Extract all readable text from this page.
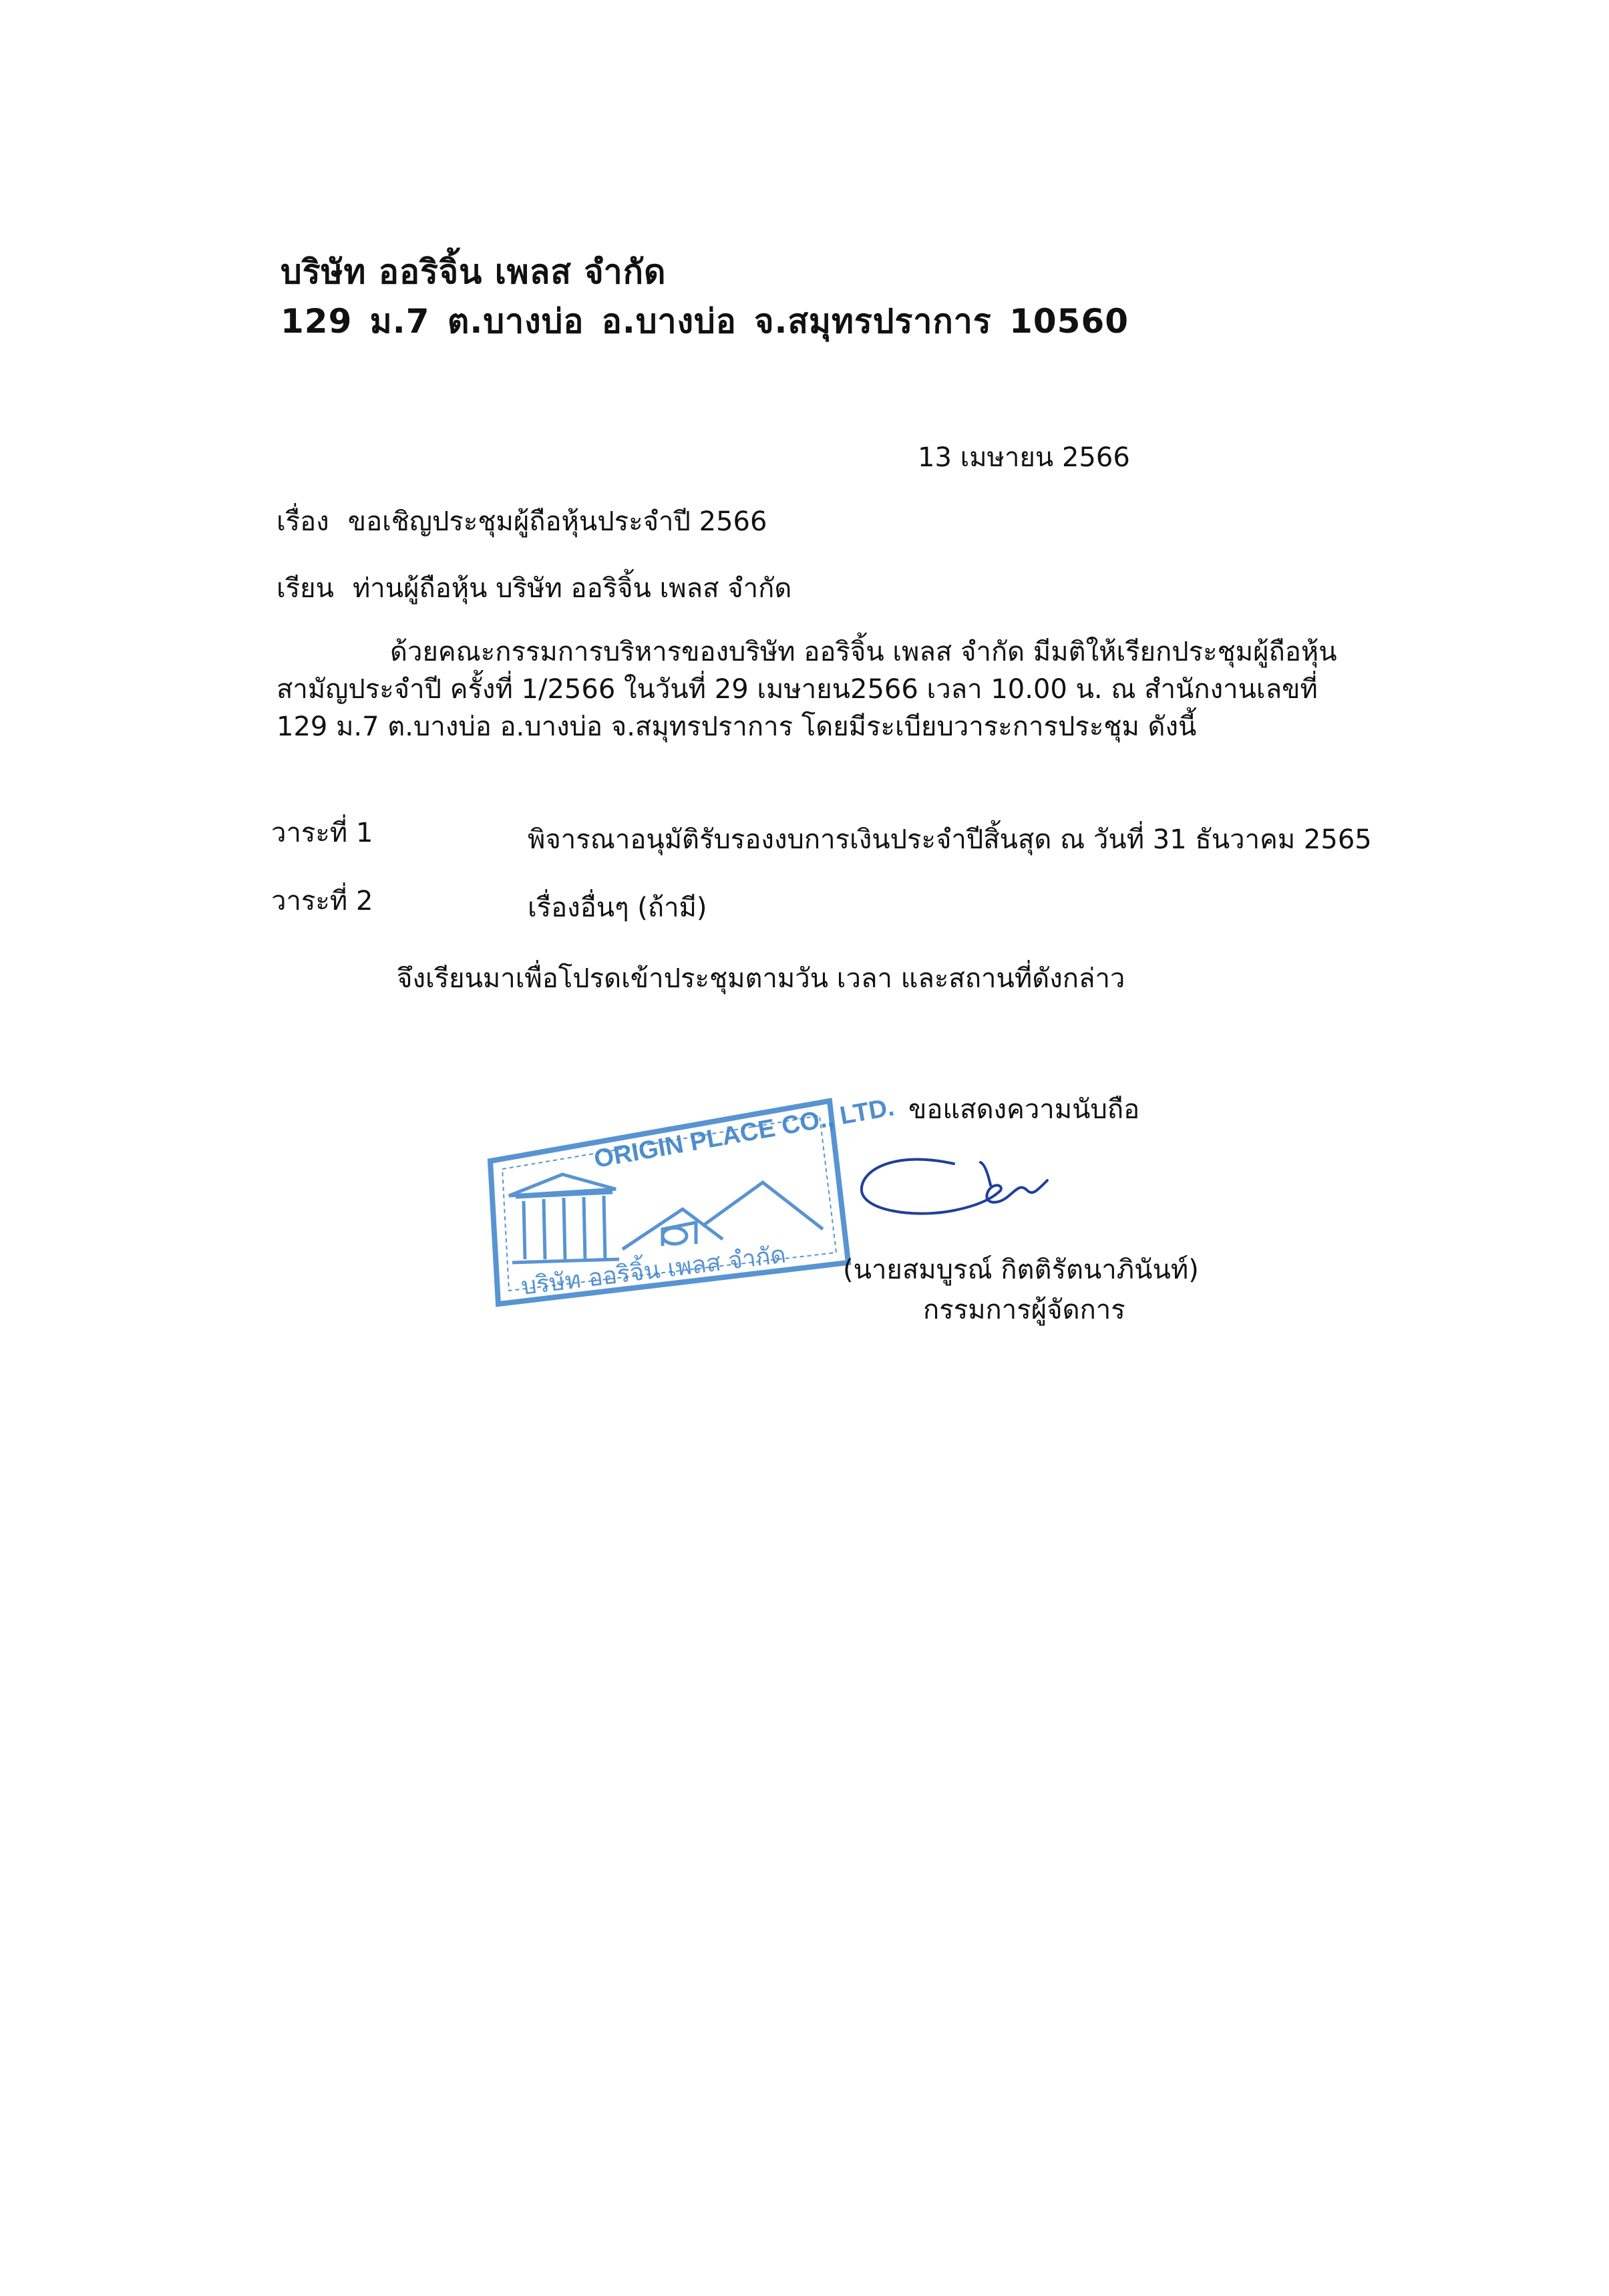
บริษัท ออริจิ้น เพลส จำกัด
129 ม.7 ต.บางบ่อ อ.บางบ่อ จ.สมุทรปราการ 10560
13 เมษายน 2566
เรื่อง ขอเชิญประชุมผู้ถือหุ้นประจำปี 2566
เรียน ท่านผู้ถือหุ้น บริษัท ออริจิ้น เพลส จำกัด
ด้วยคณะกรรมการบริหารของบริษัท ออริจิ้น เพลส จำกัด มีมติให้เรียกประชุมผู้ถือหุ้น
สามัญประจำปี ครั้งที่ 1/2566 ในวันที่ 29 เมษายน2566 เวลา 10.00 น. ณ สำนักงานเลขที่
129 ม.7 ต.บางบ่อ อ.บางบ่อ จ.สมุทรปราการ โดยมีระเบียบวาระการประชุม ดังนี้
วาระที่ 1	พิจารณาอนุมัติรับรองงบการเงินประจำปีสิ้นสุด ณ วันที่ 31 ธันวาคม 2565
วาระที่ 2	เรื่องอื่นๆ (ถ้ามี)
จึงเรียนมาเพื่อโปรดเข้าประชุมตามวัน เวลา และสถานที่ดังกล่าว
ขอแสดงความนับถือ
ORIGIN PLACE CO., LTD.
บริษัท ออริจิ้น เพลส จำกัด (นายสมบูรณ์ กิตติรัตนาภินันท์)
กรรมการผู้จัดการ
